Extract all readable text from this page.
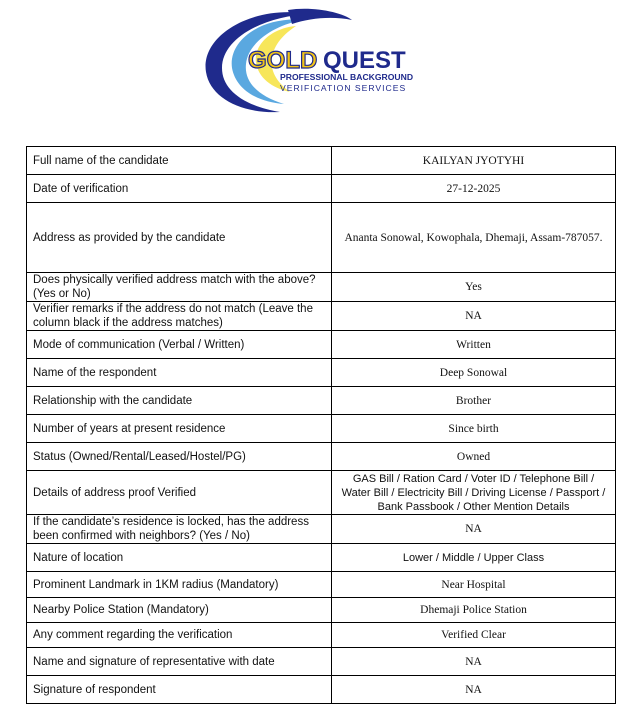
GOLD QUEST
PROFESSIONAL BACKGROUND
VERIFICATION SERVICES
Full name of the candidate	KAILYAN JYOTYHI
Date of verification	27-12-2025
Address as provided by the candidate	Ananta Sonowal, Kowophala, Dhemaji, Assam-787057.
Does physically verified address match with the above? (Yes or No)	Yes
Verifier remarks if the address do not match (Leave the column black if the address matches)	NA
Mode of communication (Verbal / Written)	Written
Name of the respondent	Deep Sonowal
Relationship with the candidate	Brother
Number of years at present residence	Since birth
Status (Owned/Rental/Leased/Hostel/PG)	Owned
Details of address proof Verified	GAS Bill / Ration Card / Voter ID / Telephone Bill / Water Bill / Electricity Bill / Driving License / Passport / Bank Passbook / Other Mention Details
If the candidate’s residence is locked, has the address been confirmed with neighbors? (Yes / No)	NA
Nature of location	Lower / Middle / Upper Class
Prominent Landmark in 1KM radius (Mandatory)	Near Hospital
Nearby Police Station (Mandatory)	Dhemaji Police Station
Any comment regarding the verification	Verified Clear
Name and signature of representative with date	NA
Signature of respondent	NA
